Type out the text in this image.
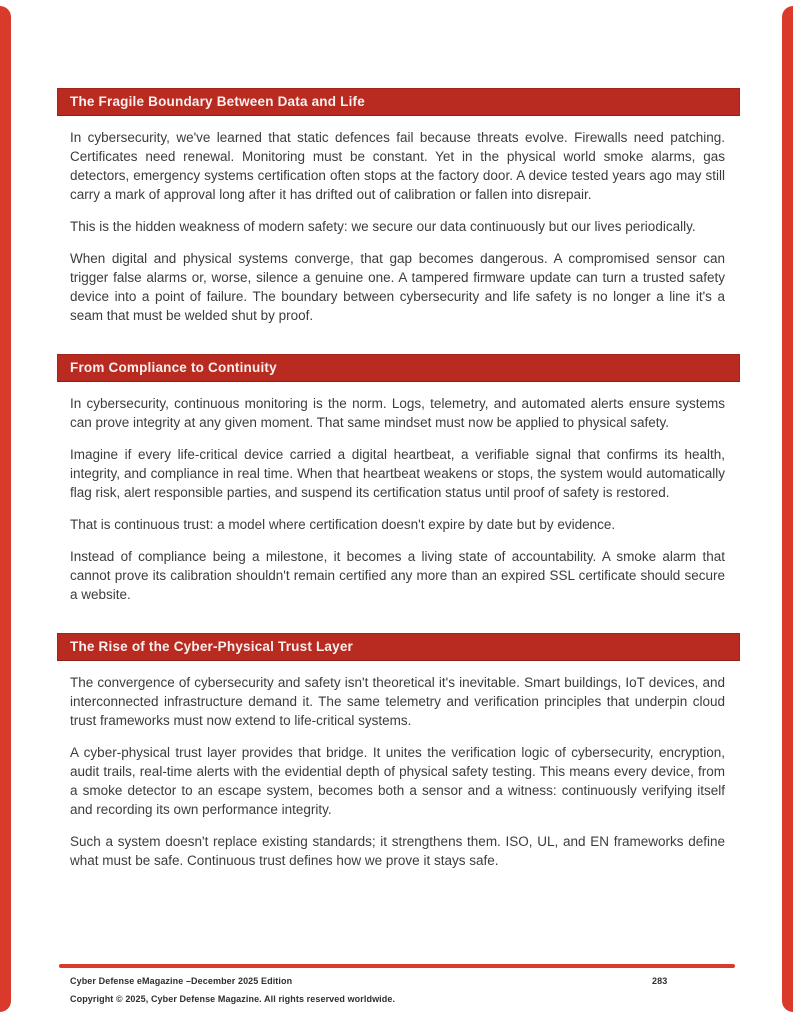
The Fragile Boundary Between Data and Life

In cybersecurity, we've learned that static defences fail because threats evolve. Firewalls need patching. Certificates need renewal. Monitoring must be constant. Yet in the physical world smoke alarms, gas detectors, emergency systems certification often stops at the factory door. A device tested years ago may still carry a mark of approval long after it has drifted out of calibration or fallen into disrepair.

This is the hidden weakness of modern safety: we secure our data continuously but our lives periodically.

When digital and physical systems converge, that gap becomes dangerous. A compromised sensor can trigger false alarms or, worse, silence a genuine one. A tampered firmware update can turn a trusted safety device into a point of failure. The boundary between cybersecurity and life safety is no longer a line it's a seam that must be welded shut by proof.

From Compliance to Continuity

In cybersecurity, continuous monitoring is the norm. Logs, telemetry, and automated alerts ensure systems can prove integrity at any given moment. That same mindset must now be applied to physical safety.

Imagine if every life-critical device carried a digital heartbeat, a verifiable signal that confirms its health, integrity, and compliance in real time. When that heartbeat weakens or stops, the system would automatically flag risk, alert responsible parties, and suspend its certification status until proof of safety is restored.

That is continuous trust: a model where certification doesn't expire by date but by evidence.

Instead of compliance being a milestone, it becomes a living state of accountability. A smoke alarm that cannot prove its calibration shouldn't remain certified any more than an expired SSL certificate should secure a website.

The Rise of the Cyber-Physical Trust Layer

The convergence of cybersecurity and safety isn't theoretical it's inevitable. Smart buildings, IoT devices, and interconnected infrastructure demand it. The same telemetry and verification principles that underpin cloud trust frameworks must now extend to life-critical systems.

A cyber-physical trust layer provides that bridge. It unites the verification logic of cybersecurity, encryption, audit trails, real-time alerts with the evidential depth of physical safety testing. This means every device, from a smoke detector to an escape system, becomes both a sensor and a witness: continuously verifying itself and recording its own performance integrity.

Such a system doesn't replace existing standards; it strengthens them. ISO, UL, and EN frameworks define what must be safe. Continuous trust defines how we prove it stays safe.

Cyber Defense eMagazine –December 2025 Edition	283
Copyright © 2025, Cyber Defense Magazine. All rights reserved worldwide.
